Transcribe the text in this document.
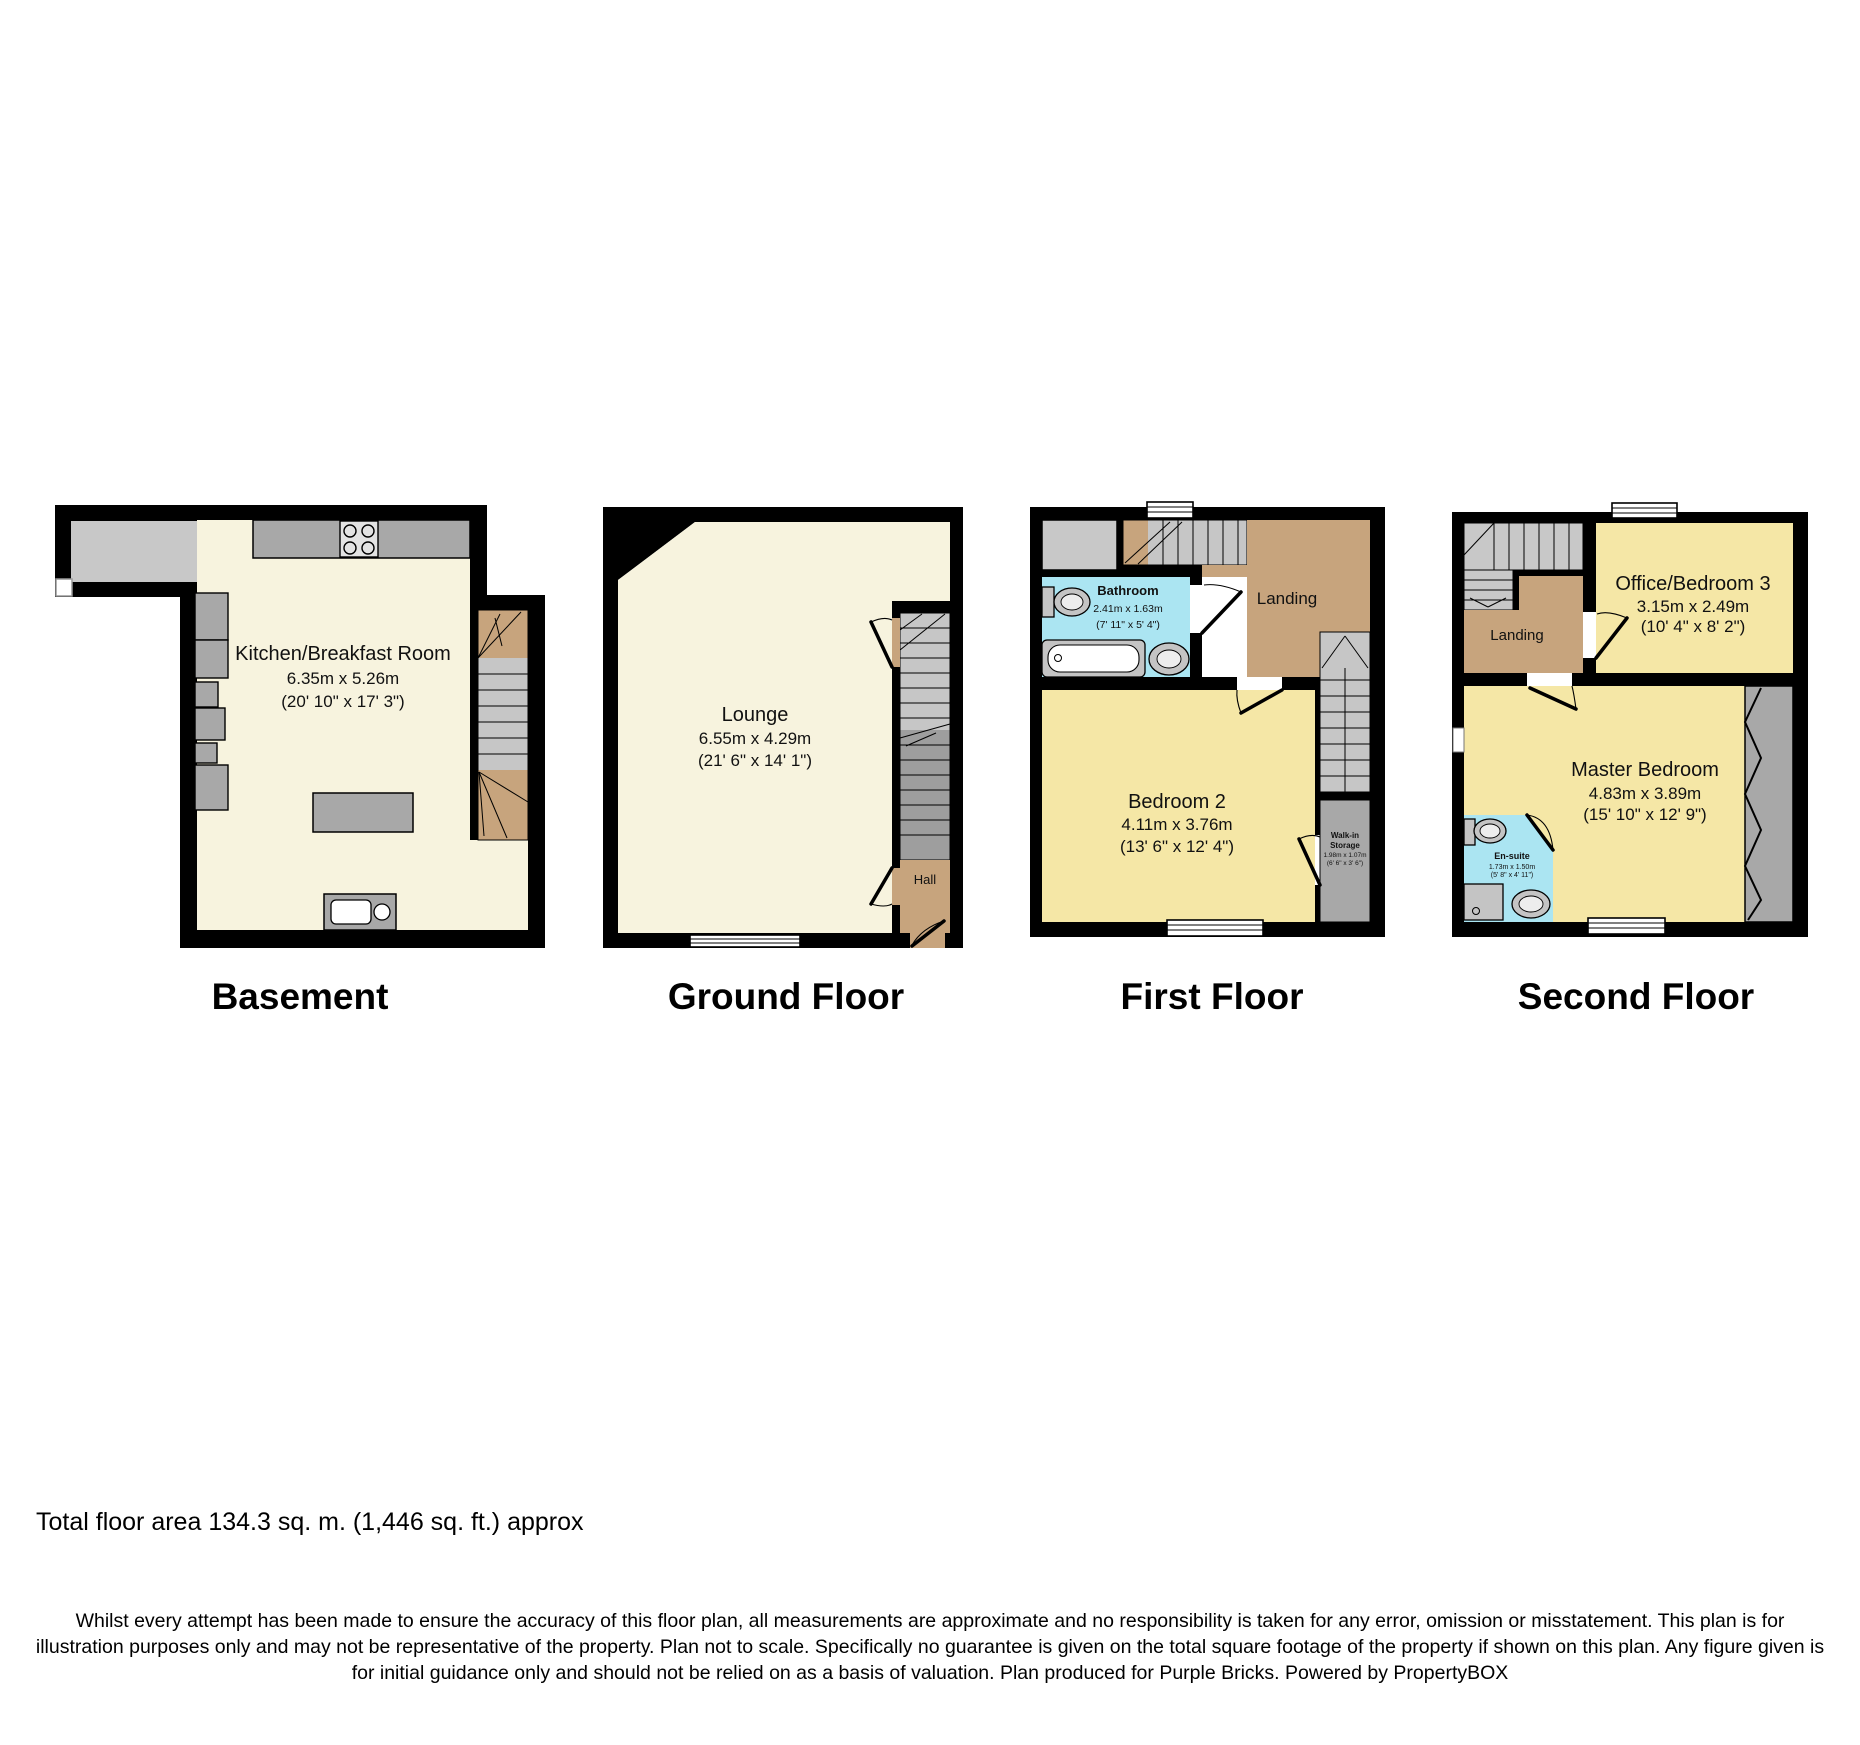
Kitchen/Breakfast Room
6.35m x 5.26m
(20' 10" x 17' 3")
Lounge
6.55m x 4.29m
(21' 6" x 14' 1")
Hall
Bathroom
2.41m x 1.63m
(7' 11" x 5' 4")
Landing
Bedroom 2
4.11m x 3.76m
(13' 6" x 12' 4")
Walk-in
Storage
1.98m x 1.07m
(6' 6" x 3' 6")
Landing
Office/Bedroom 3
3.15m x 2.49m
(10' 4" x 8' 2")
Master Bedroom
4.83m x 3.89m
(15' 10" x 12' 9")
En-suite
1.73m x 1.50m
(5' 8" x 4' 11")
Basement	Ground Floor	First Floor	Second Floor
Total floor area 134.3 sq. m. (1,446 sq. ft.) approx
Whilst every attempt has been made to ensure the accuracy of this floor plan, all measurements are approximate and no responsibility is taken for any error, omission or misstatement. This plan is for illustration purposes only and may not be representative of the property. Plan not to scale. Specifically no guarantee is given on the total square footage of the property if shown on this plan. Any figure given is for initial guidance only and should not be relied on as a basis of valuation. Plan produced for Purple Bricks. Powered by PropertyBOX
